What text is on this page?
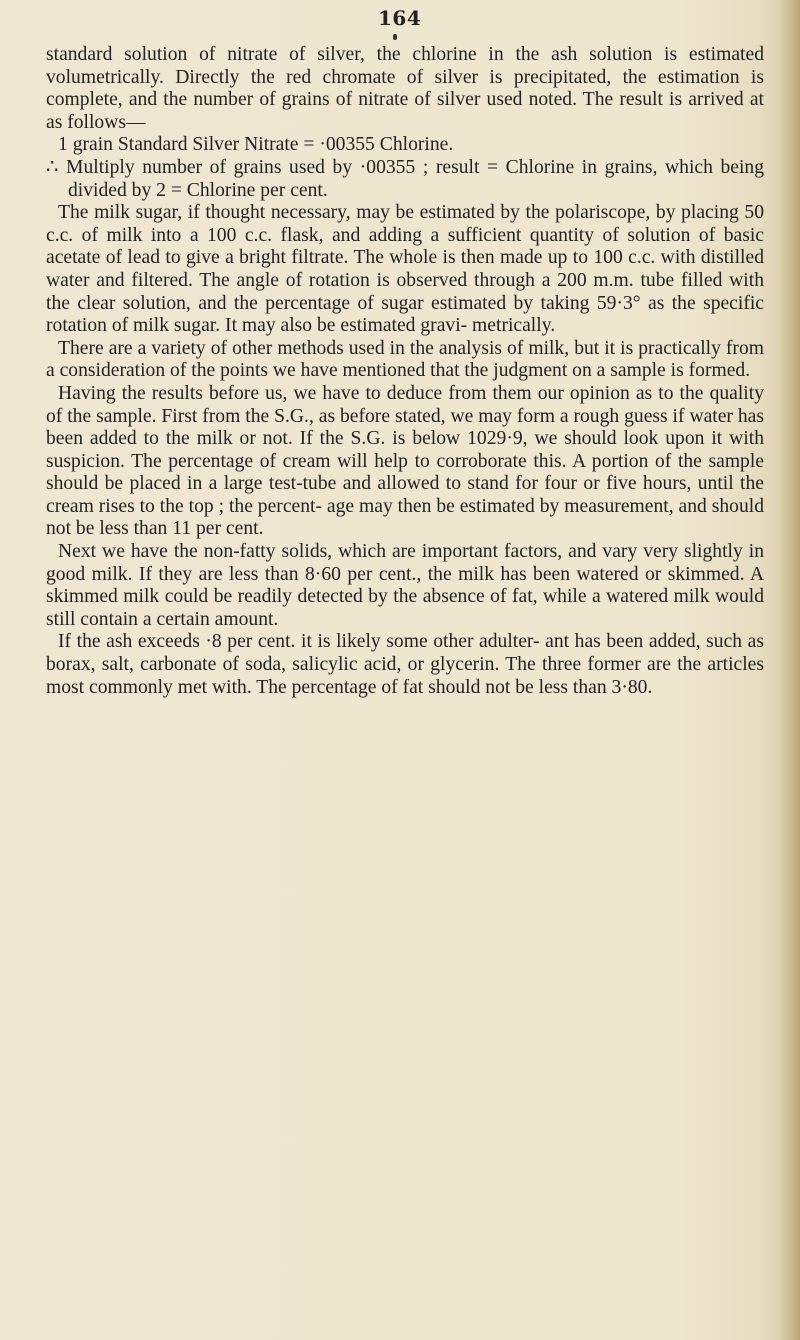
164

standard solution of nitrate of silver, the chlorine in the ash solution is estimated volumetrically. Directly the red chromate of silver is precipitated, the estimation is complete, and the number of grains of nitrate of silver used noted. The result is arrived at as follows—

1 grain Standard Silver Nitrate = ·00355 Chlorine.

∴ Multiply number of grains used by ·00355 ; result = Chlorine in grains, which being divided by 2 = Chlorine per cent.

The milk sugar, if thought necessary, may be estimated by the polariscope, by placing 50 c.c. of milk into a 100 c.c. flask, and adding a sufficient quantity of solution of basic acetate of lead to give a bright filtrate. The whole is then made up to 100 c.c. with distilled water and filtered. The angle of rotation is observed through a 200 m.m. tube filled with the clear solution, and the percentage of sugar estimated by taking 59·3° as the specific rotation of milk sugar. It may also be estimated gravi- metrically.

There are a variety of other methods used in the analysis of milk, but it is practically from a consideration of the points we have mentioned that the judgment on a sample is formed.

Having the results before us, we have to deduce from them our opinion as to the quality of the sample. First from the S.G., as before stated, we may form a rough guess if water has been added to the milk or not. If the S.G. is below 1029·9, we should look upon it with suspicion. The percentage of cream will help to corroborate this. A portion of the sample should be placed in a large test-tube and allowed to stand for four or five hours, until the cream rises to the top ; the percent- age may then be estimated by measurement, and should not be less than 11 per cent.

Next we have the non-fatty solids, which are important factors, and vary very slightly in good milk. If they are less than 8·60 per cent., the milk has been watered or skimmed. A skimmed milk could be readily detected by the absence of fat, while a watered milk would still contain a certain amount.

If the ash exceeds ·8 per cent. it is likely some other adulter- ant has been added, such as borax, salt, carbonate of soda, salicylic acid, or glycerin. The three former are the articles most commonly met with. The percentage of fat should not be less than 3·80.
